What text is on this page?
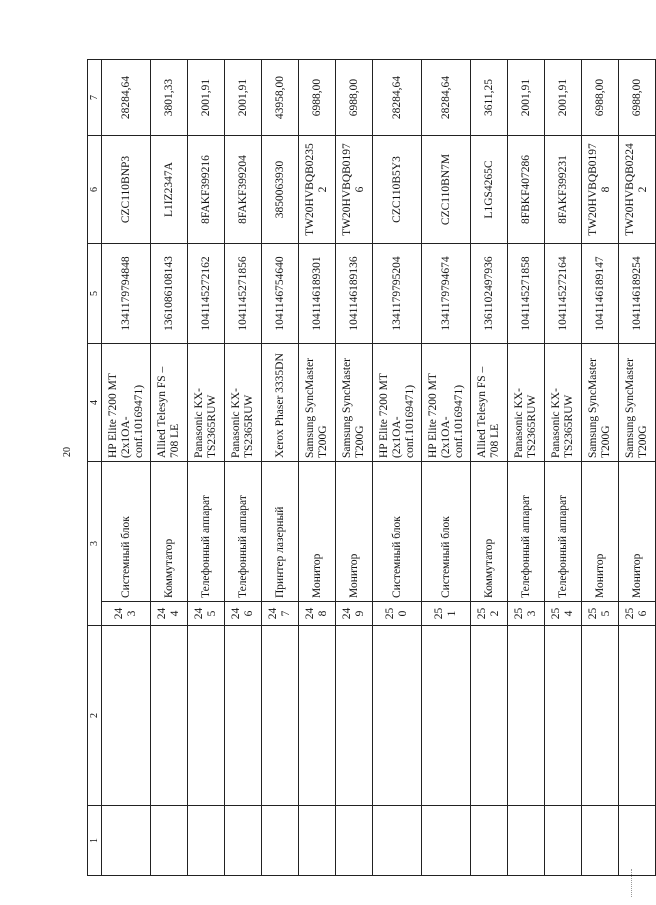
20
1	2	3		4	5	6	7
		243	Системный блок	HP Elite 7200 MT (2x1OA-conf.10169471)	1341179794848	CZC110BNP3	28284,64
		244	Коммутатор	Allied Telesyn FS – 708 LE	1361086108143	L1IZ2347A	3801,33
		245	Телефонный аппарат	Panasonic KX-TS2365RUW	1041145272162	8FAKF399216	2001,91
		246	Телефонный аппарат	Panasonic KX-TS2365RUW	1041145271856	8FAKF399204	2001,91
		247	Принтер лазерный	Xerox Phaser 3335DN	1041146754640	3850063930	43958,00
		248	Монитор	Samsung SyncMaster T200G	1041146189301	TW20HVBQB0235 2	6988,00
		249	Монитор	Samsung SyncMaster T200G	1041146189136	TW20HVBQB0197 6	6988,00
		250	Системный блок	HP Elite 7200 MT (2x1OA-conf.10169471)	1341179795204	CZC110B5Y3	28284,64
		251	Системный блок	HP Elite 7200 MT (2x1OA-conf.10169471)	1341179794674	CZC110BN7M	28284,64
		252	Коммутатор	Allied Telesyn FS – 708 LE	1361102497936	L1GS4265C	3611,25
		253	Телефонный аппарат	Panasonic KX-TS2365RUW	1041145271858	8FBKF407286	2001,91
		254	Телефонный аппарат	Panasonic KX-TS2365RUW	1041145272164	8FAKF399231	2001,91
		255	Монитор	Samsung SyncMaster T200G	1041146189147	TW20HVBQB0197 8	6988,00
		256	Монитор	Samsung SyncMaster T200G	1041146189254	TW20HVBQB0224 2	6988,00
